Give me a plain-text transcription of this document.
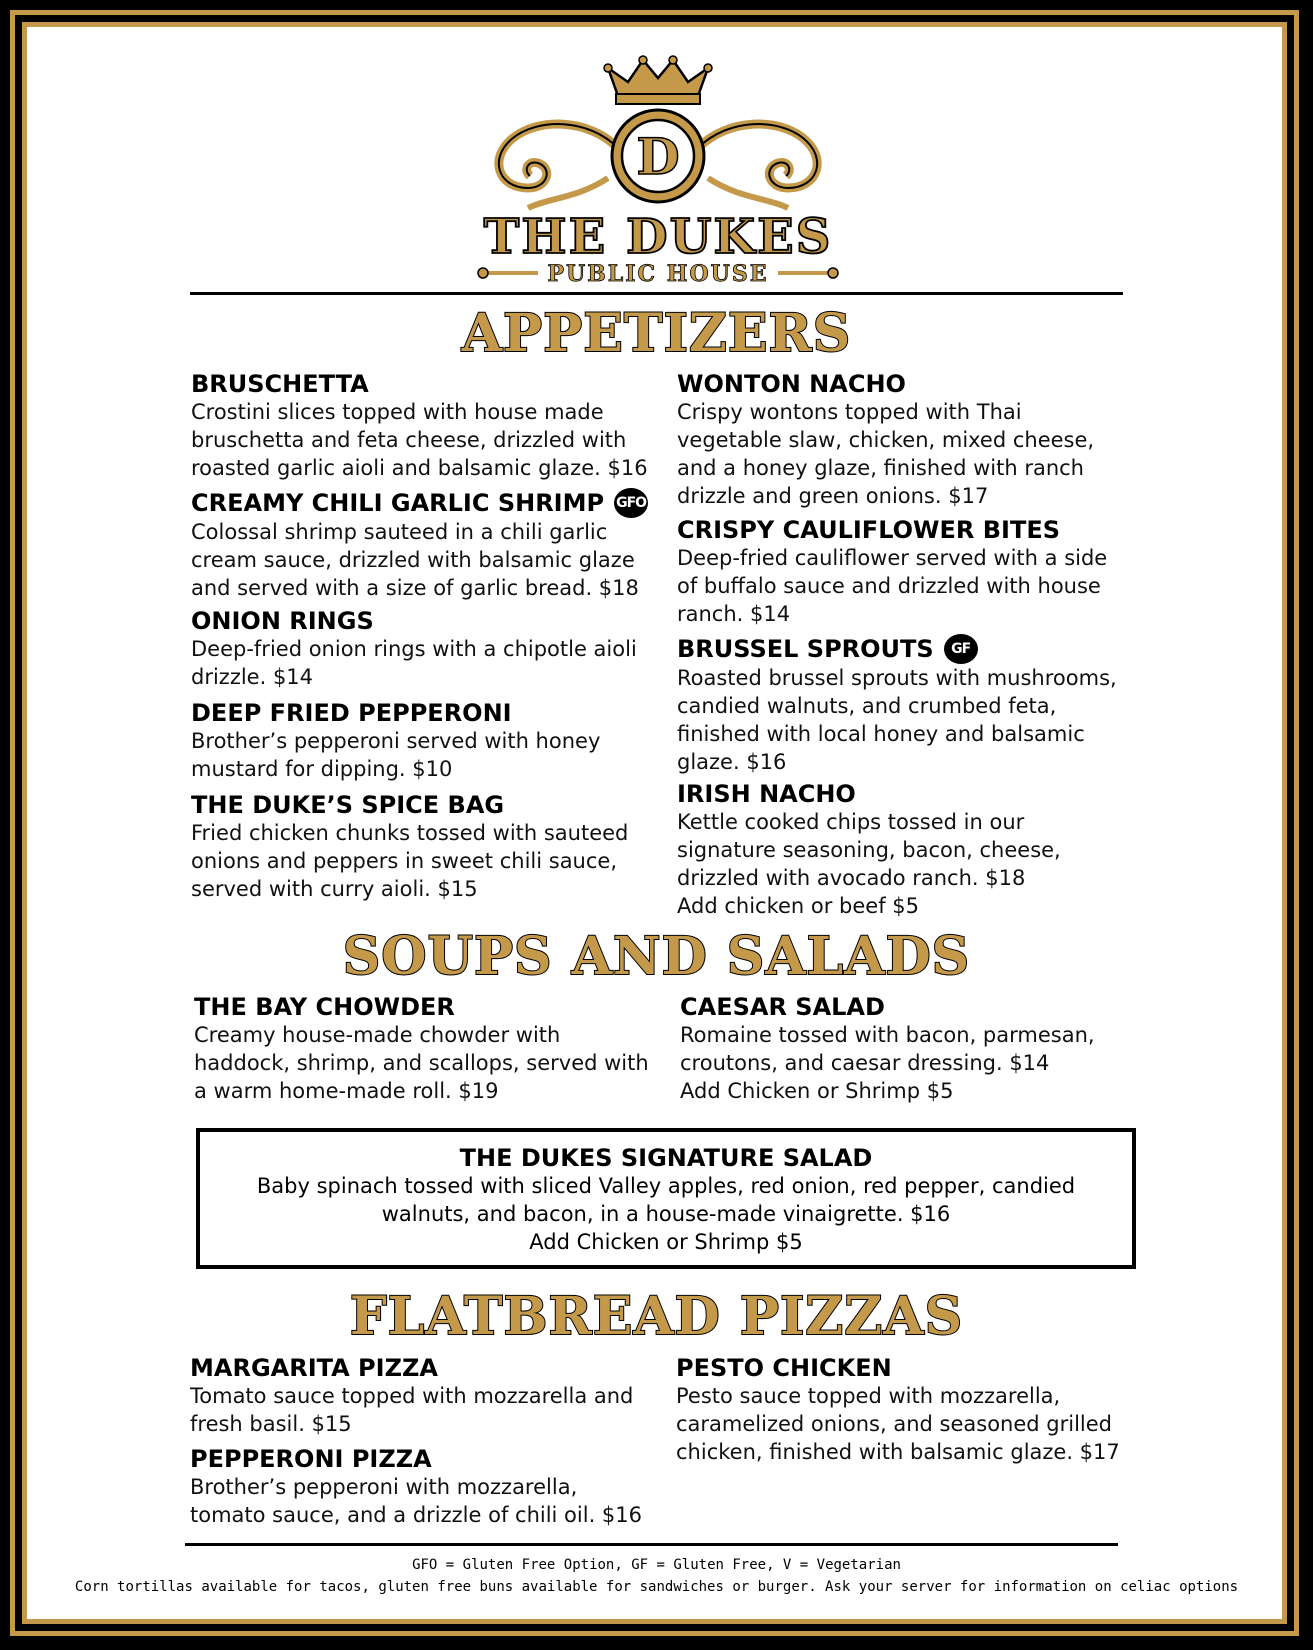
D
THE DUKES
PUBLIC HOUSE
APPETIZERS
SOUPS AND SALADS
THE DUKES SIGNATURE SALAD
Baby spinach tossed with sliced Valley apples, red onion, red pepper, candied walnuts, and bacon, in a house-made vinaigrette. $16
Add Chicken or Shrimp $5
FLATBREAD PIZZAS
GFO = Gluten Free Option, GF = Gluten Free, V = Vegetarian
Corn tortillas available for tacos, gluten free buns available for sandwiches or burger. Ask your server for information on celiac options
BRUSCHETTA
Crostini slices topped with house made bruschetta and feta cheese, drizzled with roasted garlic aioli and balsamic glaze. $16
CREAMY CHILI GARLIC SHRIMP GFO
Colossal shrimp sauteed in a chili garlic cream sauce, drizzled with balsamic glaze and served with a size of garlic bread. $18
ONION RINGS
Deep-fried onion rings with a chipotle aioli drizzle. $14
DEEP FRIED PEPPERONI
Brother’s pepperoni served with honey mustard for dipping. $10
THE DUKE’S SPICE BAG
Fried chicken chunks tossed with sauteed onions and peppers in sweet chili sauce, served with curry aioli. $15
WONTON NACHO
Crispy wontons topped with Thai vegetable slaw, chicken, mixed cheese, and a honey glaze, finished with ranch drizzle and green onions. $17
CRISPY CAULIFLOWER BITES
Deep-fried cauliflower served with a side of buffalo sauce and drizzled with house ranch. $14
BRUSSEL SPROUTS	GF
Roasted brussel sprouts with mushrooms, candied walnuts, and crumbed feta, finished with local honey and balsamic glaze. $16
IRISH NACHO
Kettle cooked chips tossed in our signature seasoning, bacon, cheese, drizzled with avocado ranch. $18
Add chicken or beef $5
THE BAY CHOWDER
Creamy house-made chowder with haddock, shrimp, and scallops, served with a warm home-made roll. $19
CAESAR SALAD
Romaine tossed with bacon, parmesan, croutons, and caesar dressing. $14
Add Chicken or Shrimp $5
MARGARITA PIZZA
Tomato sauce topped with mozzarella and fresh basil. $15
PEPPERONI PIZZA
Brother’s pepperoni with mozzarella, tomato sauce, and a drizzle of chili oil. $16
PESTO CHICKEN
Pesto sauce topped with mozzarella, caramelized onions, and seasoned grilled chicken, finished with balsamic glaze. $17
